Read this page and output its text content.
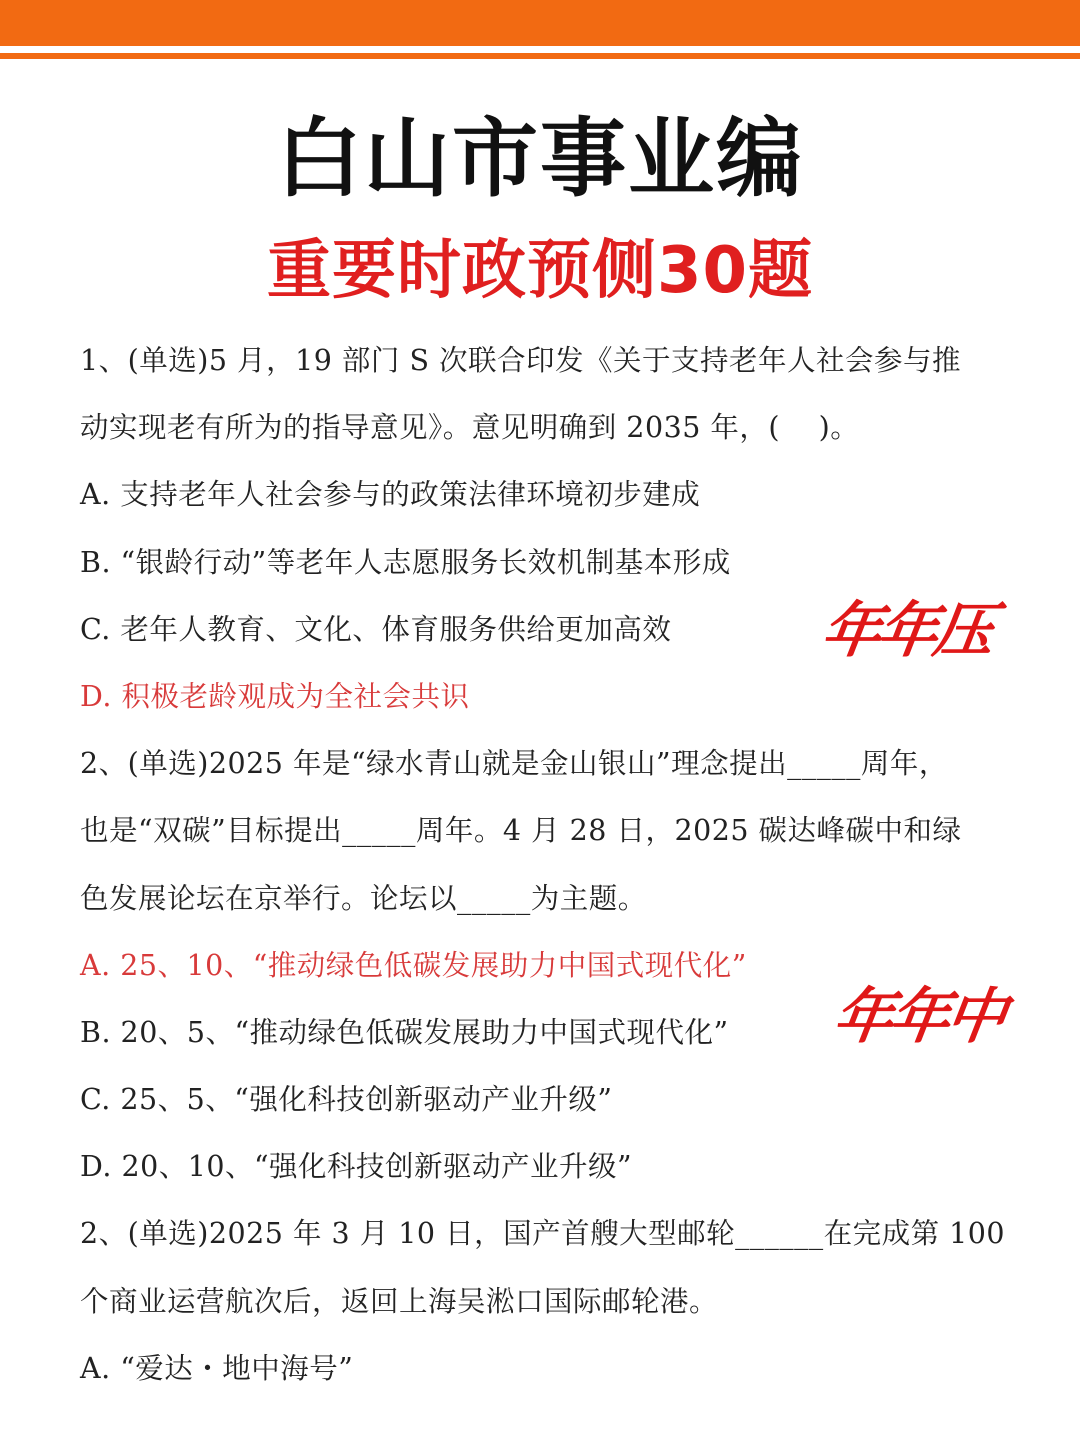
白山市事业编
重要时政预侧30题
1、(单选)5 月，19 部门 S 次联合印发《关于支持老年人社会参与推
动实现老有所为的指导意见》。意见明确到 2035 年，(　 )。
A. 支持老年人社会参与的政策法律环境初步建成
B. “银龄行动”等老年人志愿服务长效机制基本形成
C. 老年人教育、文化、体育服务供给更加高效
D. 积极老龄观成为全社会共识
2、(单选)2025 年是“绿水青山就是金山银山”理念提出_____周年，
也是“双碳”目标提出_____周年。4 月 28 日，2025 碳达峰碳中和绿
色发展论坛在京举行。论坛以_____为主题。
A. 25、10、“推动绿色低碳发展助力中国式现代化”
B. 20、5、“推动绿色低碳发展助力中国式现代化”
C. 25、5、“强化科技创新驱动产业升级”
D. 20、10、“强化科技创新驱动产业升级”
2、(单选)2025 年 3 月 10 日，国产首艘大型邮轮______在完成第 100
个商业运营航次后，返回上海吴淞口国际邮轮港。
A. “爱达・地中海号”
年年压
年年中
